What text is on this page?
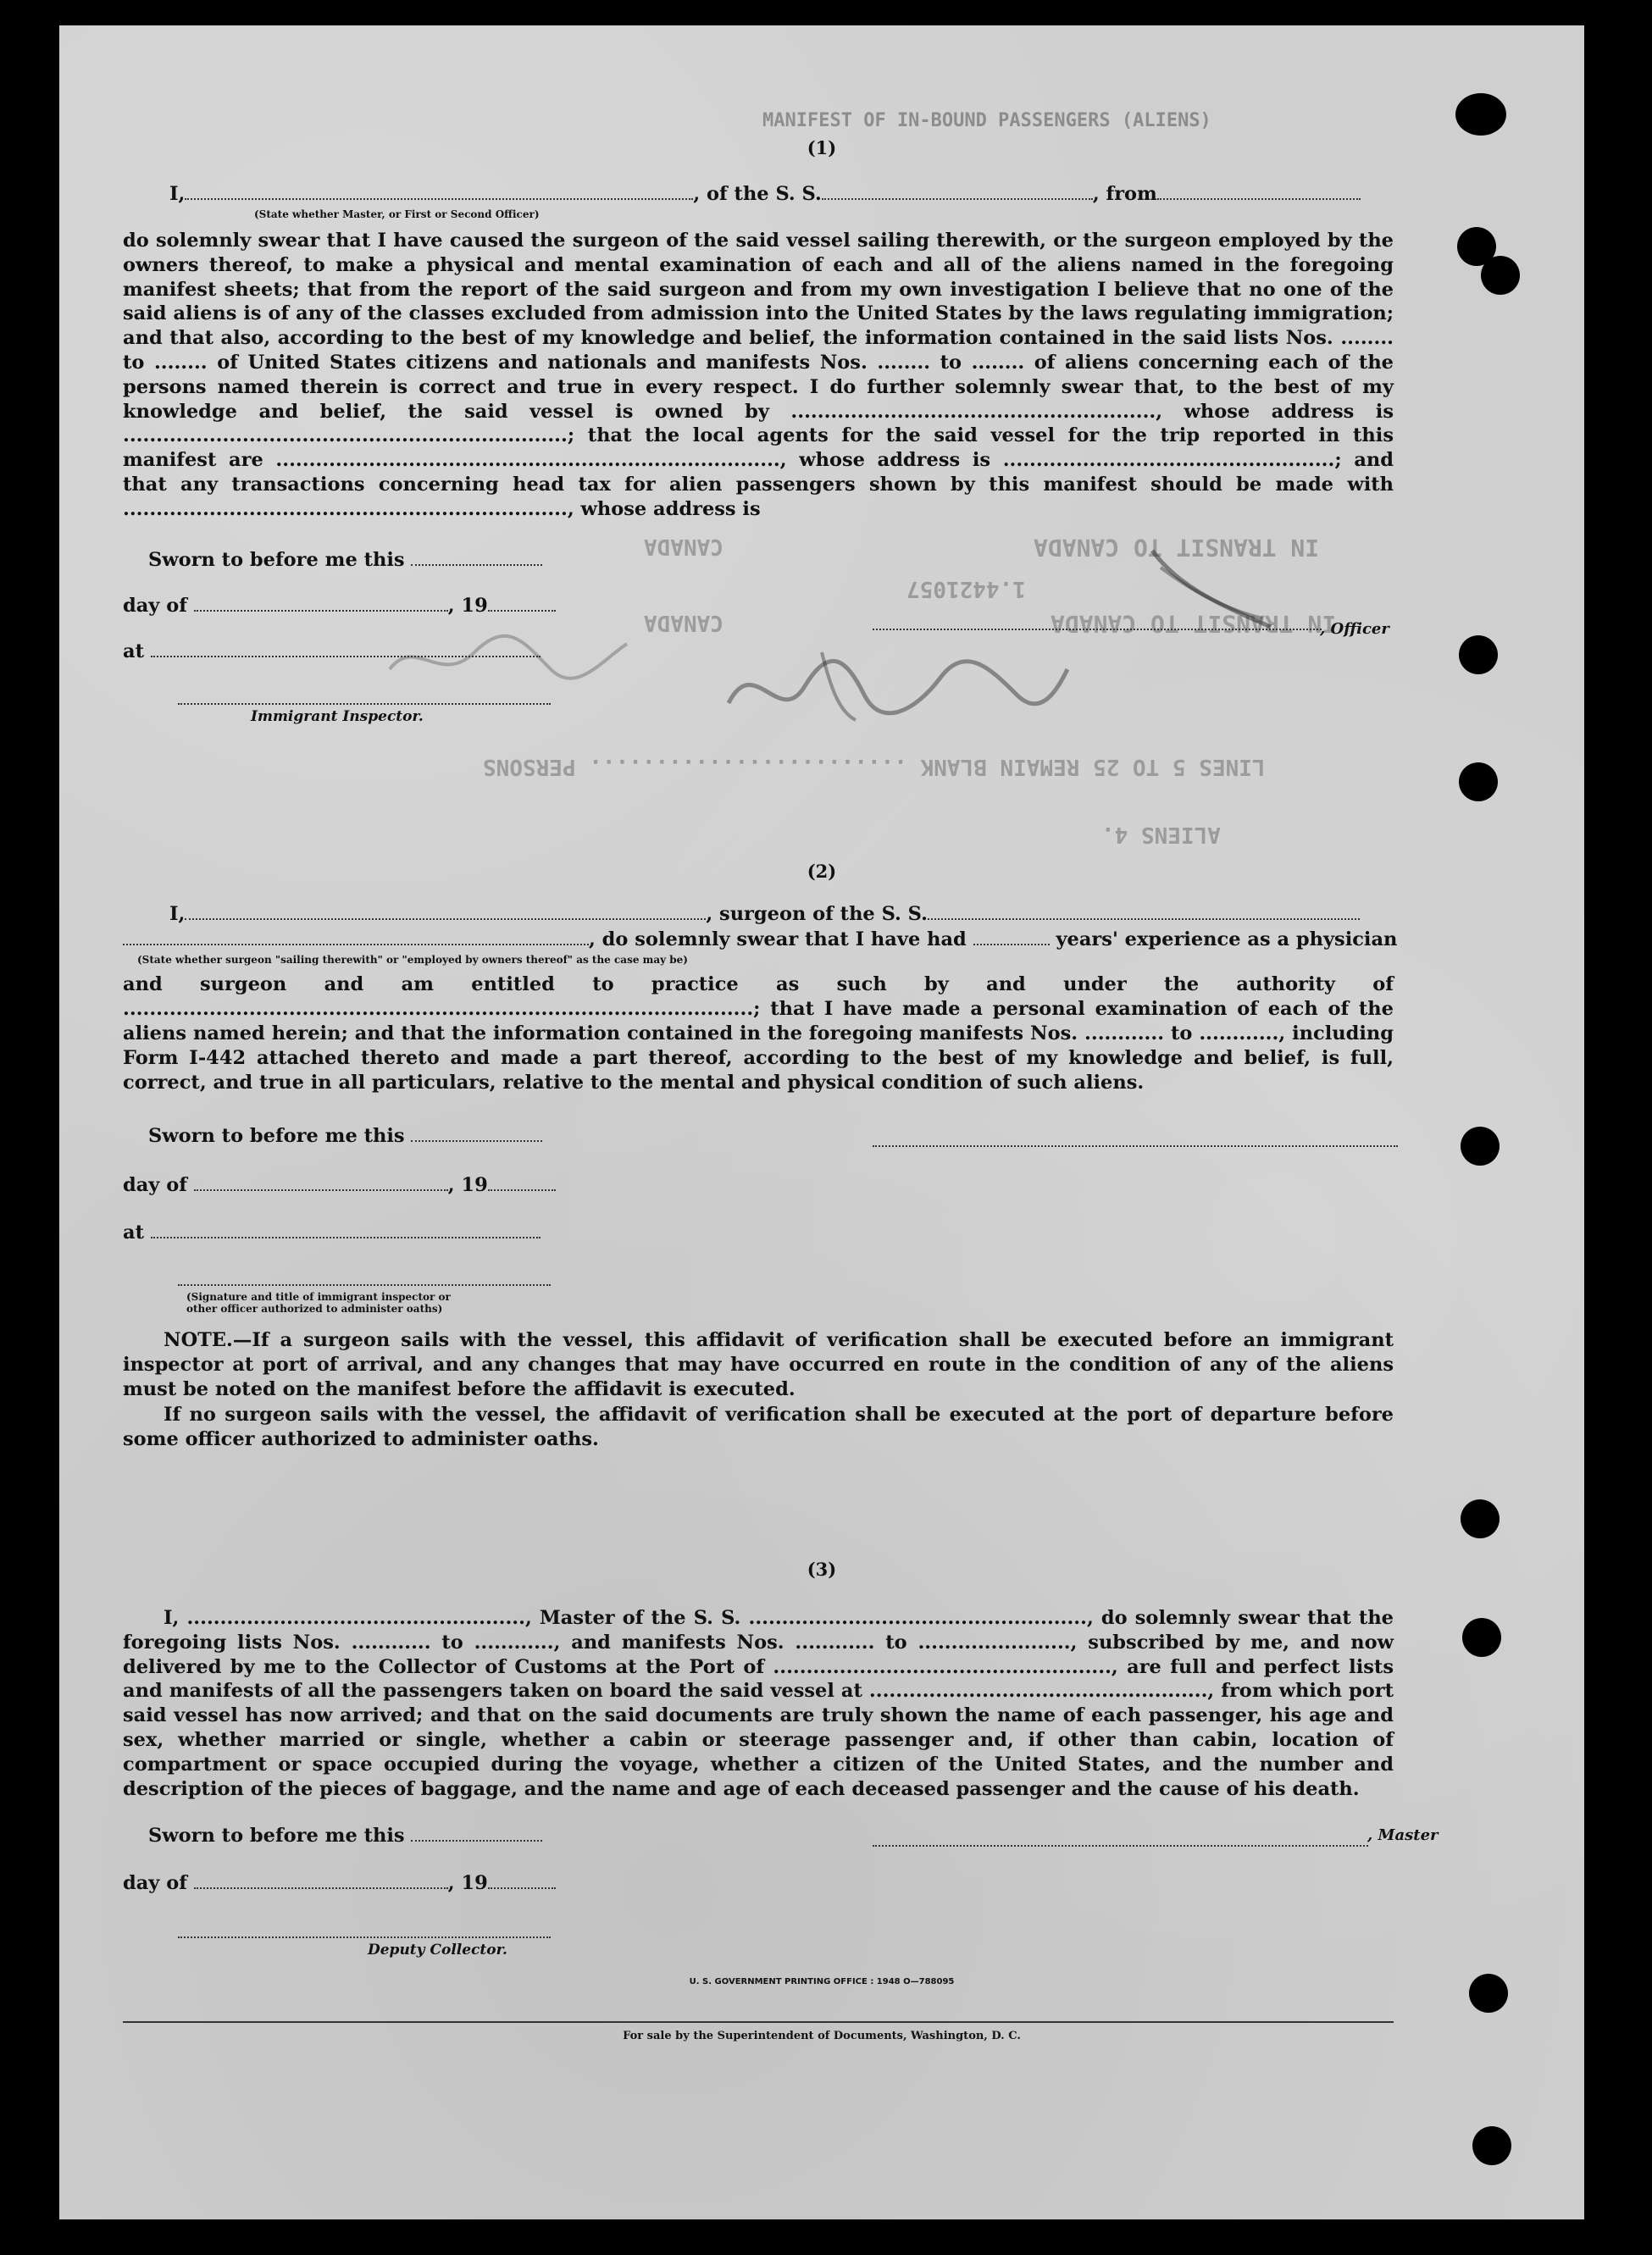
MANIFEST OF IN-BOUND PASSENGERS (ALIENS)
IN TRANSIT TO CANADA
IN TRANSIT TO CANADA
LINES 5 TO 25 REMAIN BLANK ........................ PERSONS
ALIENS 4.
CANADA
CANADA
1.4421057
(1)
I,	, of the S. S.	, from
(State whether Master, or First or Second Officer)
do solemnly swear that I have caused the surgeon of the said vessel sailing therewith, or the surgeon employed by the owners thereof, to make a physical and mental examination of each and all of the aliens named in the foregoing manifest sheets; that from the report of the said surgeon and from my own investigation I believe that no one of the said aliens is of any of the classes excluded from admission into the United States by the laws regulating immigration; and that also, according to the best of my knowledge and belief, the information contained in the said lists Nos. ........ to ........ of United States citizens and nationals and manifests Nos. ........ to ........ of aliens concerning each of the persons named therein is correct and true in every respect. I do further solemnly swear that, to the best of my knowledge and belief, the said vessel is owned by ......................................................., whose address is ...................................................................; that the local agents for the said vessel for the trip reported in this manifest are ............................................................................, whose address is ..................................................; and that any transactions concerning head tax for alien passengers shown by this manifest should be made with ..................................................................., whose address is
Sworn to before me this
day of	, 19
at
, Officer
Immigrant Inspector.
(2)
I,	, surgeon of the S. S.
, do solemnly swear that I have had	years' experience as a physician
(State whether surgeon "sailing therewith" or "employed by owners thereof" as the case may be)
and surgeon and am entitled to practice as such by and under the authority of ...............................................................................................; that I have made a personal examination of each of the aliens named herein; and that the information contained in the foregoing manifests Nos. ............ to ............, including Form I-442 attached thereto and made a part thereof, according to the best of my knowledge and belief, is full, correct, and true in all particulars, relative to the mental and physical condition of such aliens.
Sworn to before me this
day of	, 19
at
(Signature and title of immigrant inspector or
other officer authorized to administer oaths)
NOTE.—If a surgeon sails with the vessel, this affidavit of verification shall be executed before an immigrant inspector at port of arrival, and any changes that may have occurred en route in the condition of any of the aliens must be noted on the manifest before the affidavit is executed.
If no surgeon sails with the vessel, the affidavit of verification shall be executed at the port of departure before some officer authorized to administer oaths.
(3)
I, ..................................................., Master of the S. S. ..................................................., do solemnly swear that the foregoing lists Nos. ............ to ............, and manifests Nos. ............ to ......................., subscribed by me, and now delivered by me to the Collector of Customs at the Port of ..................................................., are full and perfect lists and manifests of all the passengers taken on board the said vessel at ..................................................., from which port said vessel has now arrived; and that on the said documents are truly shown the name of each passenger, his age and sex, whether married or single, whether a cabin or steerage passenger and, if other than cabin, location of compartment or space occupied during the voyage, whether a citizen of the United States, and the number and description of the pieces of baggage, and the name and age of each deceased passenger and the cause of his death.
Sworn to before me this	, Master
day of	, 19
Deputy Collector.
U. S. GOVERNMENT PRINTING OFFICE : 1948 O—788095
For sale by the Superintendent of Documents, Washington, D. C.
